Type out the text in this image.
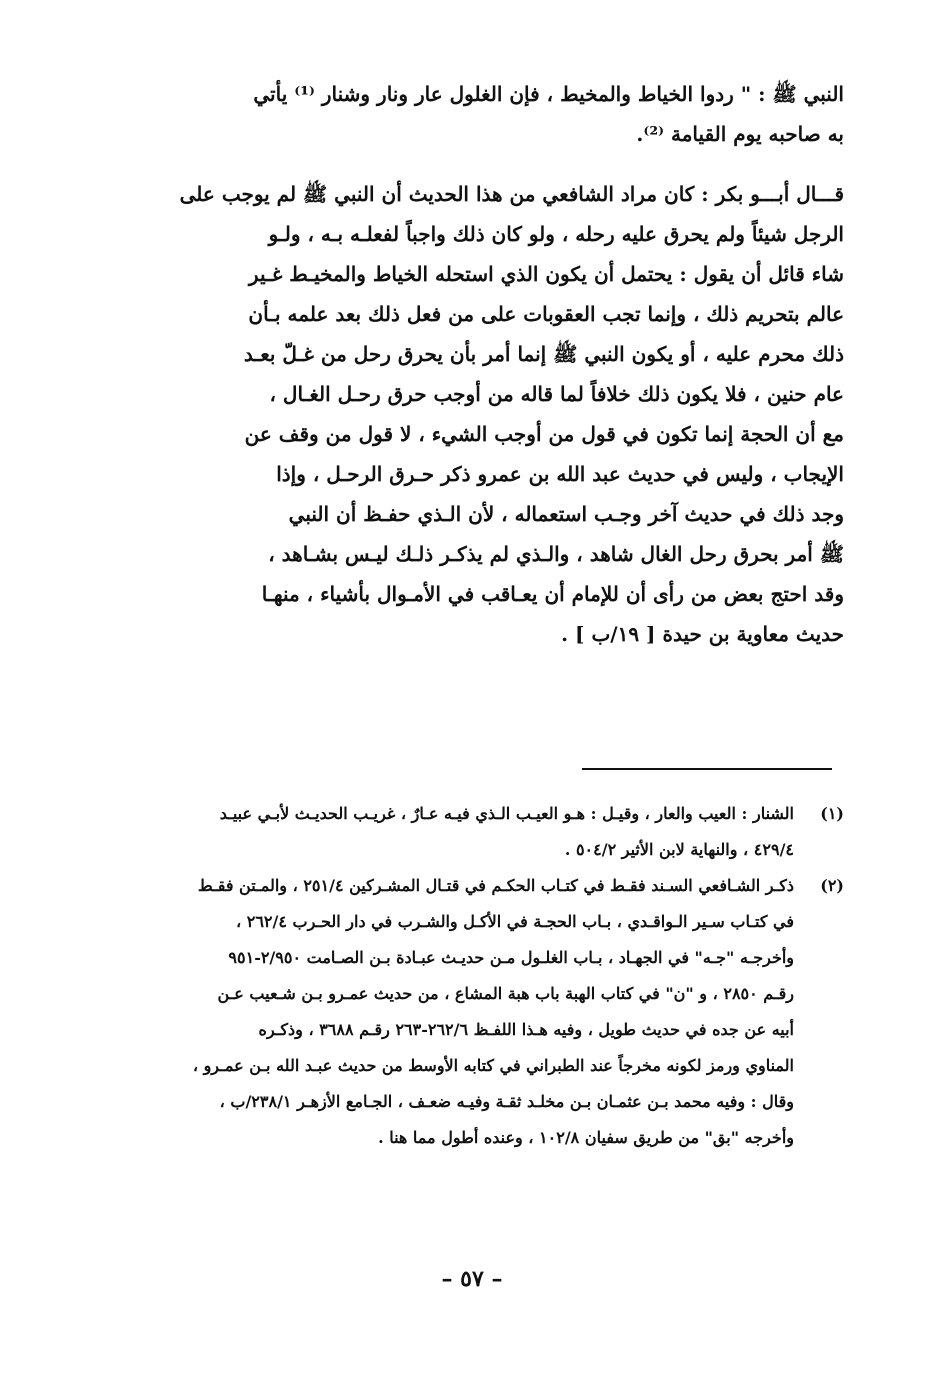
النبي ﷺ : " ردوا الخياط والمخيط ، فإن الغلول عار ونار وشنار ⁽¹⁾ يأتي
به صاحبه يوم القيامة ⁽²⁾.
قـــال أبـــو بكر : كان مراد الشافعي من هذا الحديث أن النبي ﷺ لم يوجب على
الرجل شيئاً ولم يحرق عليه رحله ، ولو كان ذلك واجباً لفعلـه بـه ، ولـو
شاء قائل أن يقول : يحتمل أن يكون الذي استحله الخياط والمخيـط غـير
عالم بتحريم ذلك ، وإنما تجب العقوبات على من فعل ذلك بعد علمه بـأن
ذلك محرم عليه ، أو يكون النبي ﷺ إنما أمر بأن يحرق رحل من غـلّ بعـد
عام حنين ، فلا يكون ذلك خلافاً لما قاله من أوجب حرق رحـل الغـال ،
مع أن الحجة إنما تكون في قول من أوجب الشيء ، لا قول من وقف عن
الإيجاب ، وليس في حديث عبد الله بن عمرو ذكر حـرق الرحـل ، وإذا
وجد ذلك في حديث آخر وجـب استعماله ، لأن الـذي حفـظ أن النبي
ﷺ أمر بحرق رحل الغال شاهد ، والـذي لم يذكـر ذلـك ليـس بشـاهد ،
وقد احتج بعض من رأى أن للإمام أن يعـاقب في الأمـوال بأشياء ، منهـا
حديث معاوية بن حيدة [ ١٩/ب ] .
(١)
الشنار : العيب والعار ، وقيـل : هـو العيـب الـذي فيـه عـارٌ ، غريـب الحديـث لأبـي عبيـد
٤٢٩/٤ ، والنهاية لابن الأثير ٥٠٤/٢ .
(٢)
ذكـر الشـافعي السـند فقـط في كتـاب الحكـم في قتـال المشـركين ٢٥١/٤ ، والمـتن فقـط
في كتـاب سـير الـواقـدي ، بـاب الحجـة في الأكـل والشـرب في دار الحـرب ٢٦٢/٤ ،
وأخرجـه "جـه" في الجهـاد ، بـاب الغلـول مـن حديـث عبـادة بـن الصـامت ٢/٩٥٠-٩٥١
رقـم ٢٨٥٠ ، و "ن" في كتاب الهبة باب هبة المشاع ، من حديث عمـرو بـن شـعيب عـن
أبيه عن جده في حديث طويل ، وفيه هـذا اللفـظ ٢٦٢/٦-٢٦٣ رقـم ٣٦٨٨ ، وذكـره
المناوي ورمز لكونه مخرجاً عند الطبراني في كتابه الأوسط من حديث عبـد الله بـن عمـرو ،
وقال : وفيه محمد بـن عثمـان بـن مخلـد ثقـة وفيـه ضعـف ، الجـامع الأزهـر ٢٣٨/١/ب ،
وأخرجه "بق" من طريق سفيان ١٠٢/٨ ، وعنده أطول مما هنا .
– ٥٧ –
